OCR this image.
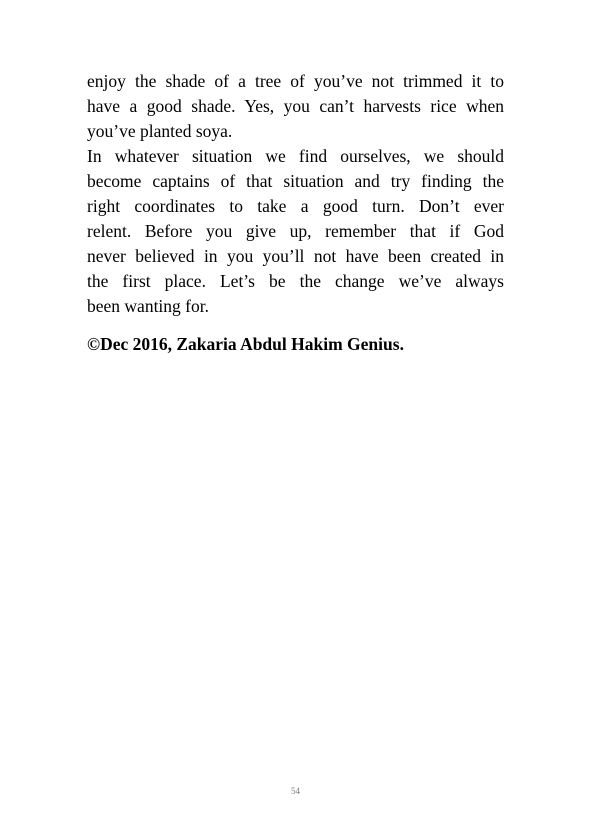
enjoy the shade of a tree of you’ve not trimmed it to
have a good shade. Yes, you can’t harvests rice when
you’ve planted soya.
In whatever situation we find ourselves, we should
become captains of that situation and try finding the
right coordinates to take a good turn. Don’t ever
relent. Before you give up, remember that if God
never believed in you you’ll not have been created in
the first place. Let’s be the change we’ve always
been wanting for.
©Dec 2016, Zakaria Abdul Hakim Genius.
54
